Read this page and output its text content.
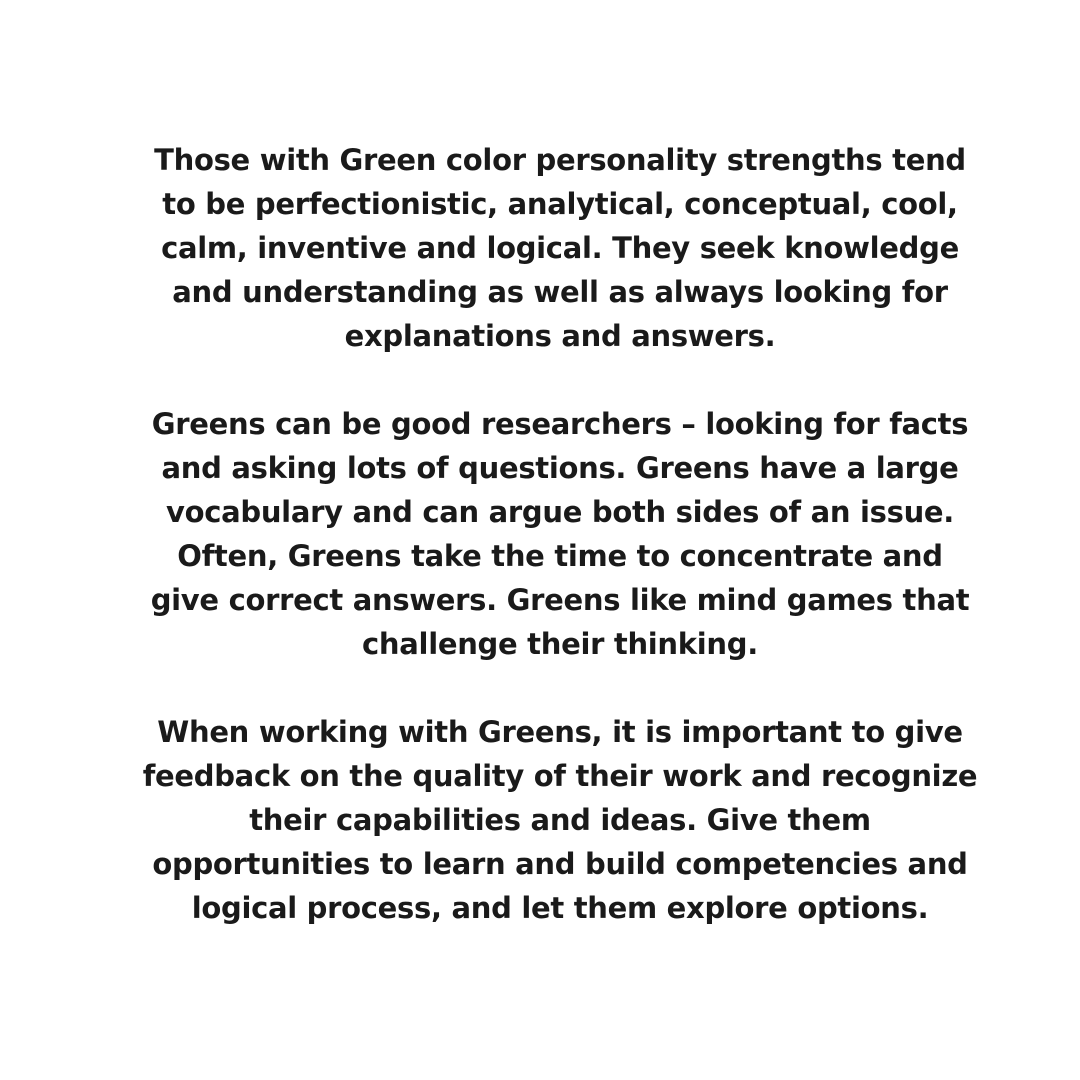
Those with Green color personality strengths tend
to be perfectionistic, analytical, conceptual, cool,
calm, inventive and logical. They seek knowledge
and understanding as well as always looking for
explanations and answers.

Greens can be good researchers – looking for facts
and asking lots of questions. Greens have a large
vocabulary and can argue both sides of an issue.
Often, Greens take the time to concentrate and
give correct answers. Greens like mind games that
challenge their thinking.

When working with Greens, it is important to give
feedback on the quality of their work and recognize
their capabilities and ideas. Give them
opportunities to learn and build competencies and
logical process, and let them explore options.
